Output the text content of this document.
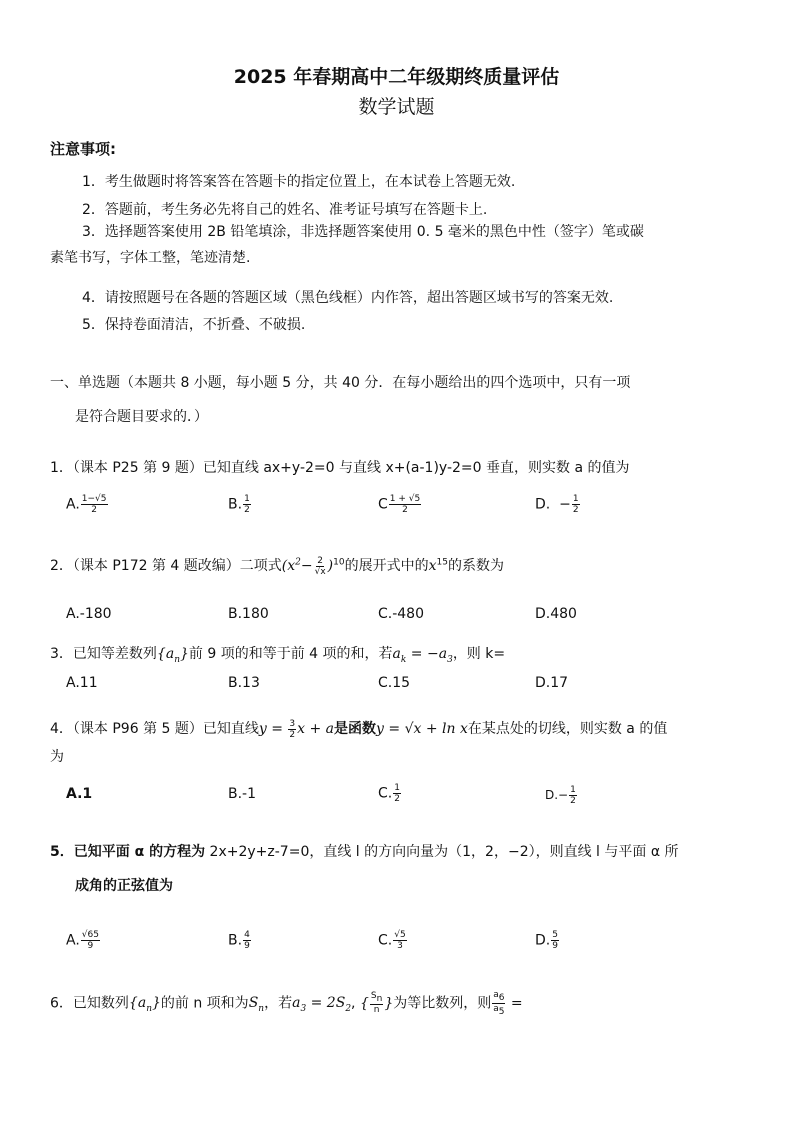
2025 年春期高中二年级期终质量评估
数学试题
注意事项:
1．考生做题时将答案答在答题卡的指定位置上，在本试卷上答题无效.
2．答题前，考生务必先将自己的姓名、准考证号填写在答题卡上.
3．选择题答案使用 2B 铅笔填涂，非选择题答案使用 0. 5 毫米的黑色中性（签字）笔或碳
素笔书写，字体工整，笔迹清楚.
4．请按照题号在各题的答题区域（黑色线框）内作答，超出答题区域书写的答案无效.
5．保持卷面清洁，不折叠、不破损.
一、单选题（本题共 8 小题，每小题 5 分，共 40 分．在每小题给出的四个选项中，只有一项
是符合题目要求的．）
1．（课本 P25 第 9 题）已知直线 ax+y-2=0 与直线 x+(a-1)y-2=0 垂直，则实数 a 的值为
A. $\frac{1-√5}{2}$	B. $\frac{1}{2}$	C $\frac{1 + √5}{2}$	D. − $\frac{1}{2}$
2．（课本 P172 第 4 题改编）二项式$(x^2- \frac{2}{√x} )^{10}$的展开式中的$x^{15}$的系数为
A.-180	B.180	C.-480	D.480
3．已知等差数列$\{a_n\}$前 9 项的和等于前 4 项的和，若$a_k = -a_3$，则 k=
A.11	B.13	C.15	D.17
4．（课本 P96 第 5 题）已知直线$y = \frac{3}{2}$ x + a是函数y = √x + ln x在某点处的切线，则实数 a 的值
为
A.1	B.-1	C. $\frac{1}{2}$	$D.- \frac{1}{2}$
5．已知平面 α 的方程为 2x+2y+z-7=0，直线 l 的方向向量为（1，2，−2），则直线 l 与平面 α 所
成角的正弦值为
A. $\frac{√65}{9}$	B. $\frac{4}{9}$	C. $\frac{√5}{3}$	D. $\frac{5}{9}$
6．已知数列$\{a_n\}$的前 n 项和为$S_n$，若$a_3 = 2S_2$, { $\frac{Sn}{n}$ }为等比数列，则 $\frac{a6}{a5}$ =
